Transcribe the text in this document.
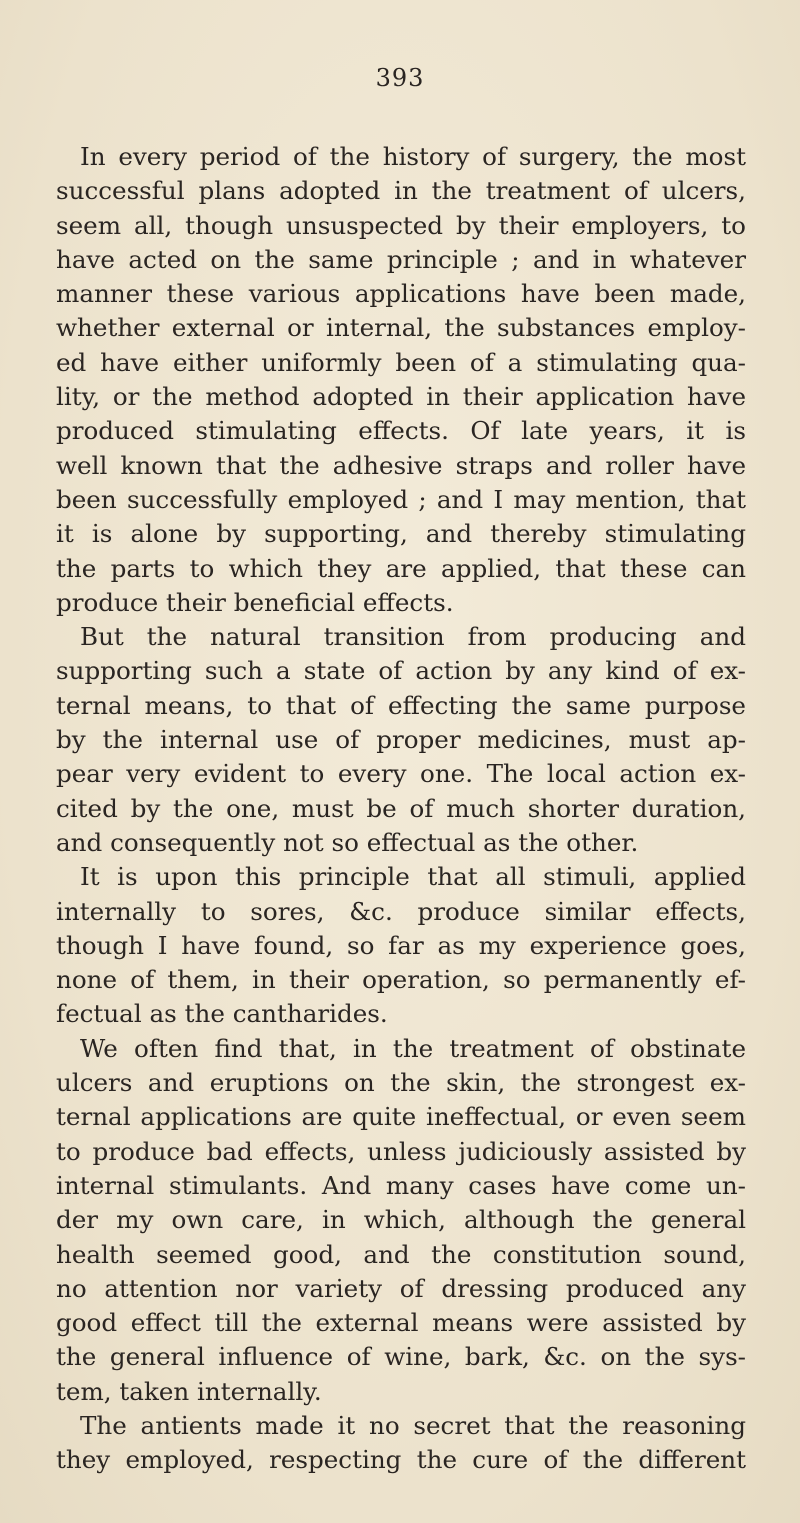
393
In every period of the history of surgery, the most
successful plans adopted in the treatment of ulcers,
seem all, though unsuspected by their employers, to
have acted on the same principle ; and in whatever
manner these various applications have been made,
whether external or internal, the substances employ-
ed have either uniformly been of a stimulating qua-
lity, or the method adopted in their application have
produced stimulating effects. Of late years, it is
well known that the adhesive straps and roller have
been successfully employed ; and I may mention, that
it is alone by supporting, and thereby stimulating
the parts to which they are applied, that these can
produce their beneficial effects.
But the natural transition from producing and
supporting such a state of action by any kind of ex-
ternal means, to that of effecting the same purpose
by the internal use of proper medicines, must ap-
pear very evident to every one. The local action ex-
cited by the one, must be of much shorter duration,
and consequently not so effectual as the other.
It is upon this principle that all stimuli, applied
internally to sores, &c. produce similar effects,
though I have found, so far as my experience goes,
none of them, in their operation, so permanently ef-
fectual as the cantharides.
We often find that, in the treatment of obstinate
ulcers and eruptions on the skin, the strongest ex-
ternal applications are quite ineffectual, or even seem
to produce bad effects, unless judiciously assisted by
internal stimulants. And many cases have come un-
der my own care, in which, although the general
health seemed good, and the constitution sound,
no attention nor variety of dressing produced any
good effect till the external means were assisted by
the general influence of wine, bark, &c. on the sys-
tem, taken internally.
The antients made it no secret that the reasoning
they employed, respecting the cure of the different
